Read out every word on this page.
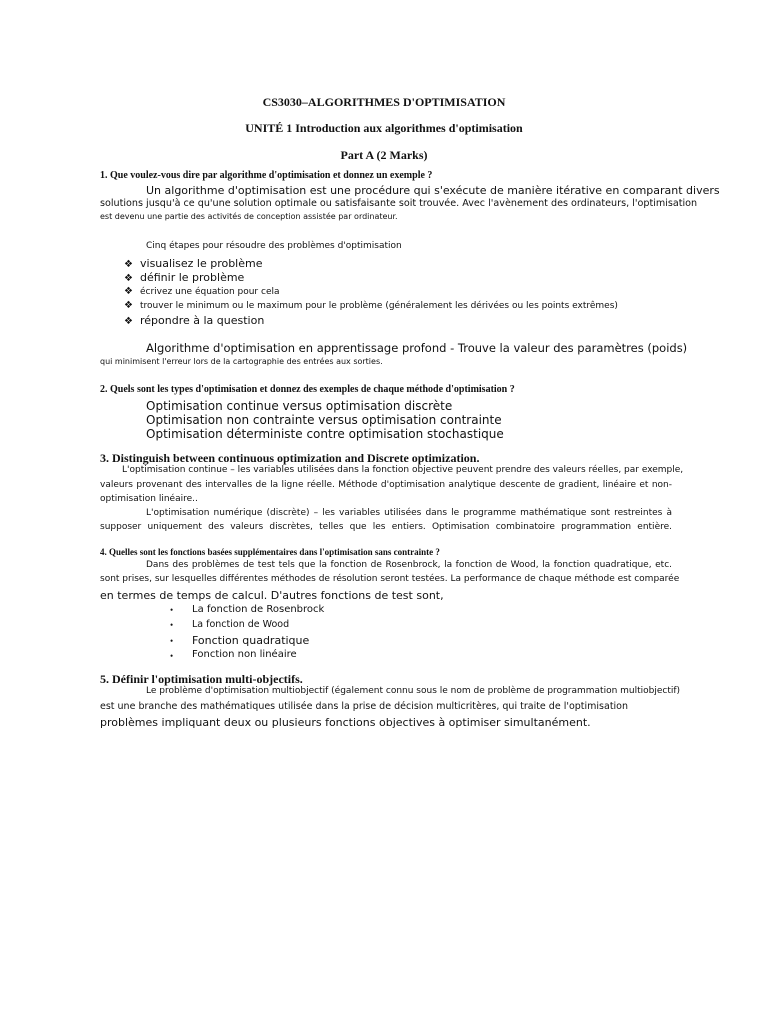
CS3030–ALGORITHMES D'OPTIMISATION
UNITÉ 1 Introduction aux algorithmes d'optimisation
Part A (2 Marks)
1. Que voulez-vous dire par algorithme d'optimisation et donnez un exemple ?
Un algorithme d'optimisation est une procédure qui s'exécute de manière itérative en comparant divers
solutions jusqu'à ce qu'une solution optimale ou satisfaisante soit trouvée. Avec l'avènement des ordinateurs, l'optimisation
est devenu une partie des activités de conception assistée par ordinateur.
Cinq étapes pour résoudre des problèmes d'optimisation
❖ visualisez le problème
❖ définir le problème
❖ écrivez une équation pour cela
❖ trouver le minimum ou le maximum pour le problème (généralement les dérivées ou les points extrêmes)
❖ répondre à la question
Algorithme d'optimisation en apprentissage profond - Trouve la valeur des paramètres (poids)
qui minimisent l'erreur lors de la cartographie des entrées aux sorties.
2. Quels sont les types d'optimisation et donnez des exemples de chaque méthode d'optimisation ?
Optimisation continue versus optimisation discrète
Optimisation non contrainte versus optimisation contrainte
Optimisation déterministe contre optimisation stochastique
3. Distinguish between continuous optimization and Discrete optimization.
L'optimisation continue – les variables utilisées dans la fonction objective peuvent prendre des valeurs réelles, par exemple,
valeurs provenant des intervalles de la ligne réelle. Méthode d'optimisation analytique descente de gradient, linéaire et non-
optimisation linéaire..
L'optimisation numérique (discrète) – les variables utilisées dans le programme mathématique sont restreintes à
supposer uniquement des valeurs discrètes, telles que les entiers. Optimisation combinatoire programmation entière.
4. Quelles sont les fonctions basées supplémentaires dans l'optimisation sans contrainte ?
Dans des problèmes de test tels que la fonction de Rosenbrock, la fonction de Wood, la fonction quadratique, etc.
sont prises, sur lesquelles différentes méthodes de résolution seront testées. La performance de chaque méthode est comparée
en termes de temps de calcul. D'autres fonctions de test sont,
• La fonction de Rosenbrock
• La fonction de Wood
• Fonction quadratique
• Fonction non linéaire
5. Définir l'optimisation multi-objectifs.
Le problème d'optimisation multiobjectif (également connu sous le nom de problème de programmation multiobjectif)
est une branche des mathématiques utilisée dans la prise de décision multicritères, qui traite de l'optimisation
problèmes impliquant deux ou plusieurs fonctions objectives à optimiser simultanément.
